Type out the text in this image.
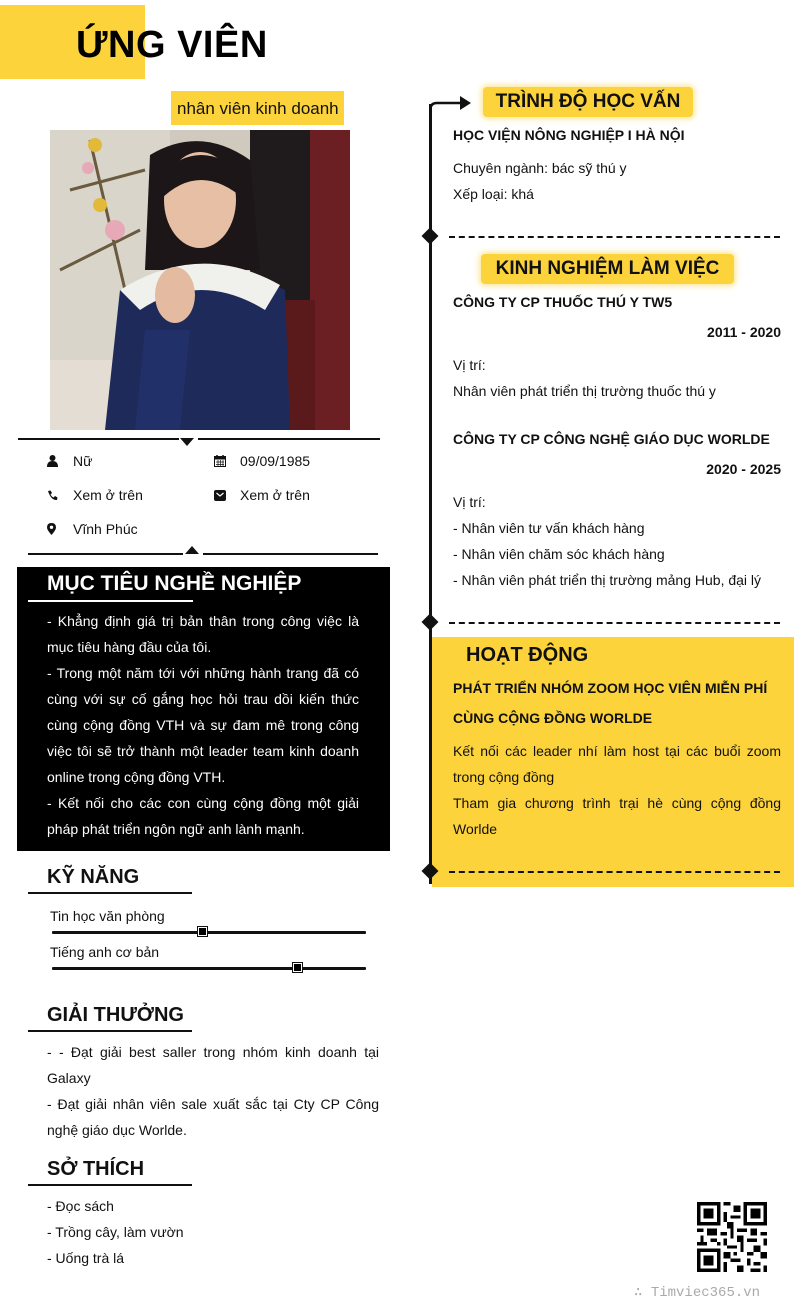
ỨNG VIÊN
nhân viên kinh doanh
Nữ	09/09/1985
Xem ở trên	Xem ở trên
Vĩnh Phúc
MỤC TIÊU NGHỀ NGHIỆP
- Khẳng định giá trị bản thân trong công việc là mục tiêu hàng đầu của tôi.
- Trong một năm tới với những hành trang đã có cùng với sự cố gắng học hỏi trau dồi kiến thức cùng cộng đồng VTH và sự đam mê trong công việc tôi sẽ trở thành một leader team kinh doanh online trong cộng đồng VTH.
- Kết nối cho các con cùng cộng đồng một giải pháp phát triển ngôn ngữ anh lành mạnh.
KỸ NĂNG
Tin học văn phòng
Tiếng anh cơ bản
GIẢI THƯỞNG
- - Đạt giải best saller trong nhóm kinh doanh tại Galaxy
- Đạt giải nhân viên sale xuất sắc tại Cty CP Công nghệ giáo dục Worlde.
SỞ THÍCH
- Đọc sách
- Trồng cây, làm vườn
- Uống trà lá
TRÌNH ĐỘ HỌC VẤN
HỌC VIỆN NÔNG NGHIỆP I HÀ NỘI
Chuyên ngành: bác sỹ thú y
Xếp loại: khá
KINH NGHIỆM LÀM VIỆC
CÔNG TY CP THUỐC THÚ Y TW5
2011 - 2020
Vị trí:
Nhân viên phát triển thị trường thuốc thú y
CÔNG TY CP CÔNG NGHỆ GIÁO DỤC WORLDE
2020 - 2025
Vị trí:
- Nhân viên tư vấn khách hàng
- Nhân viên chăm sóc khách hàng
- Nhân viên phát triển thị trường mảng Hub, đại lý
HOẠT ĐỘNG
PHÁT TRIỂN NHÓM ZOOM HỌC VIÊN MIỄN PHÍ
CÙNG CỘNG ĐỒNG WORLDE
Kết nối các leader nhí làm host tại các buổi zoom trong cộng đồng
Tham gia chương trình trại hè cùng cộng đồng Worlde
∴ Timviec365.vn
